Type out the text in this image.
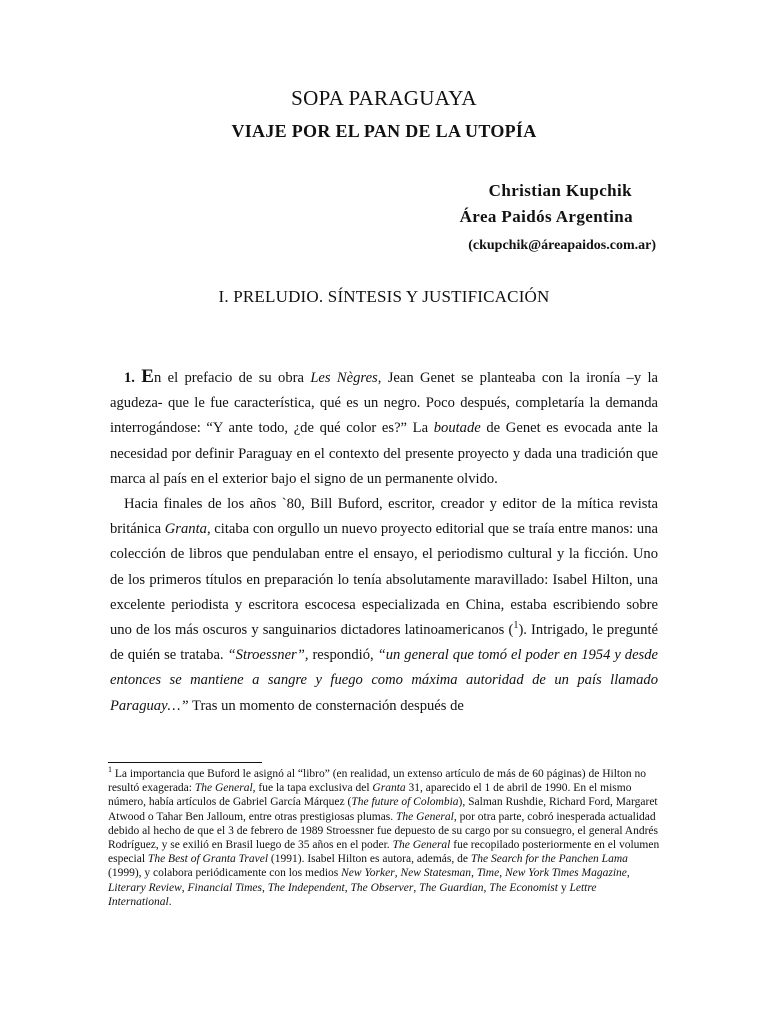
SOPA PARAGUAYA
VIAJE POR EL PAN DE LA UTOPÍA
Christian Kupchik
Área Paidós Argentina
(ckupchik@áreapaidos.com.ar)
I. PRELUDIO. SÍNTESIS Y JUSTIFICACIÓN

1. En el prefacio de su obra Les Nègres, Jean Genet se planteaba con la ironía –y la agudeza- que le fue característica, qué es un negro. Poco después, completaría la demanda interrogándose: “Y ante todo, ¿de qué color es?” La boutade de Genet es evocada ante la necesidad por definir Paraguay en el contexto del presente proyecto y dada una tradición que marca al país en el exterior bajo el signo de un permanente olvido.

Hacia finales de los años `80, Bill Buford, escritor, creador y editor de la mítica revista británica Granta, citaba con orgullo un nuevo proyecto editorial que se traía entre manos: una colección de libros que pendulaban entre el ensayo, el periodismo cultural y la ficción. Uno de los primeros títulos en preparación lo tenía absolutamente maravillado: Isabel Hilton, una excelente periodista y escritora escocesa especializada en China, estaba escribiendo sobre uno de los más oscuros y sanguinarios dictadores latinoamericanos ($^1$). Intrigado, le pregunté de quién se trataba. “Stroessner”, respondió, “un general que tomó el poder en 1954 y desde entonces se mantiene a sangre y fuego como máxima autoridad de un país llamado Paraguay…” Tras un momento de consternación después de

$^1$ La importancia que Buford le asignó al “libro” (en realidad, un extenso artículo de más de 60 páginas) de Hilton no resultó exagerada: The General, fue la tapa exclusiva del Granta 31, aparecido el 1 de abril de 1990. En el mismo número, había artículos de Gabriel García Márquez (The future of Colombia), Salman Rushdie, Richard Ford, Margaret Atwood o Tahar Ben Jalloum, entre otras prestigiosas plumas. The General, por otra parte, cobró inesperada actualidad debido al hecho de que el 3 de febrero de 1989 Stroessner fue depuesto de su cargo por su consuegro, el general Andrés Rodríguez, y se exilió en Brasil luego de 35 años en el poder. The General fue recopilado posteriormente en el volumen especial The Best of Granta Travel (1991). Isabel Hilton es autora, además, de The Search for the Panchen Lama (1999), y colabora periódicamente con los medios New Yorker, New Statesman, Time, New York Times Magazine, Literary Review, Financial Times, The Independent, The Observer, The Guardian, The Economist y Lettre International.
